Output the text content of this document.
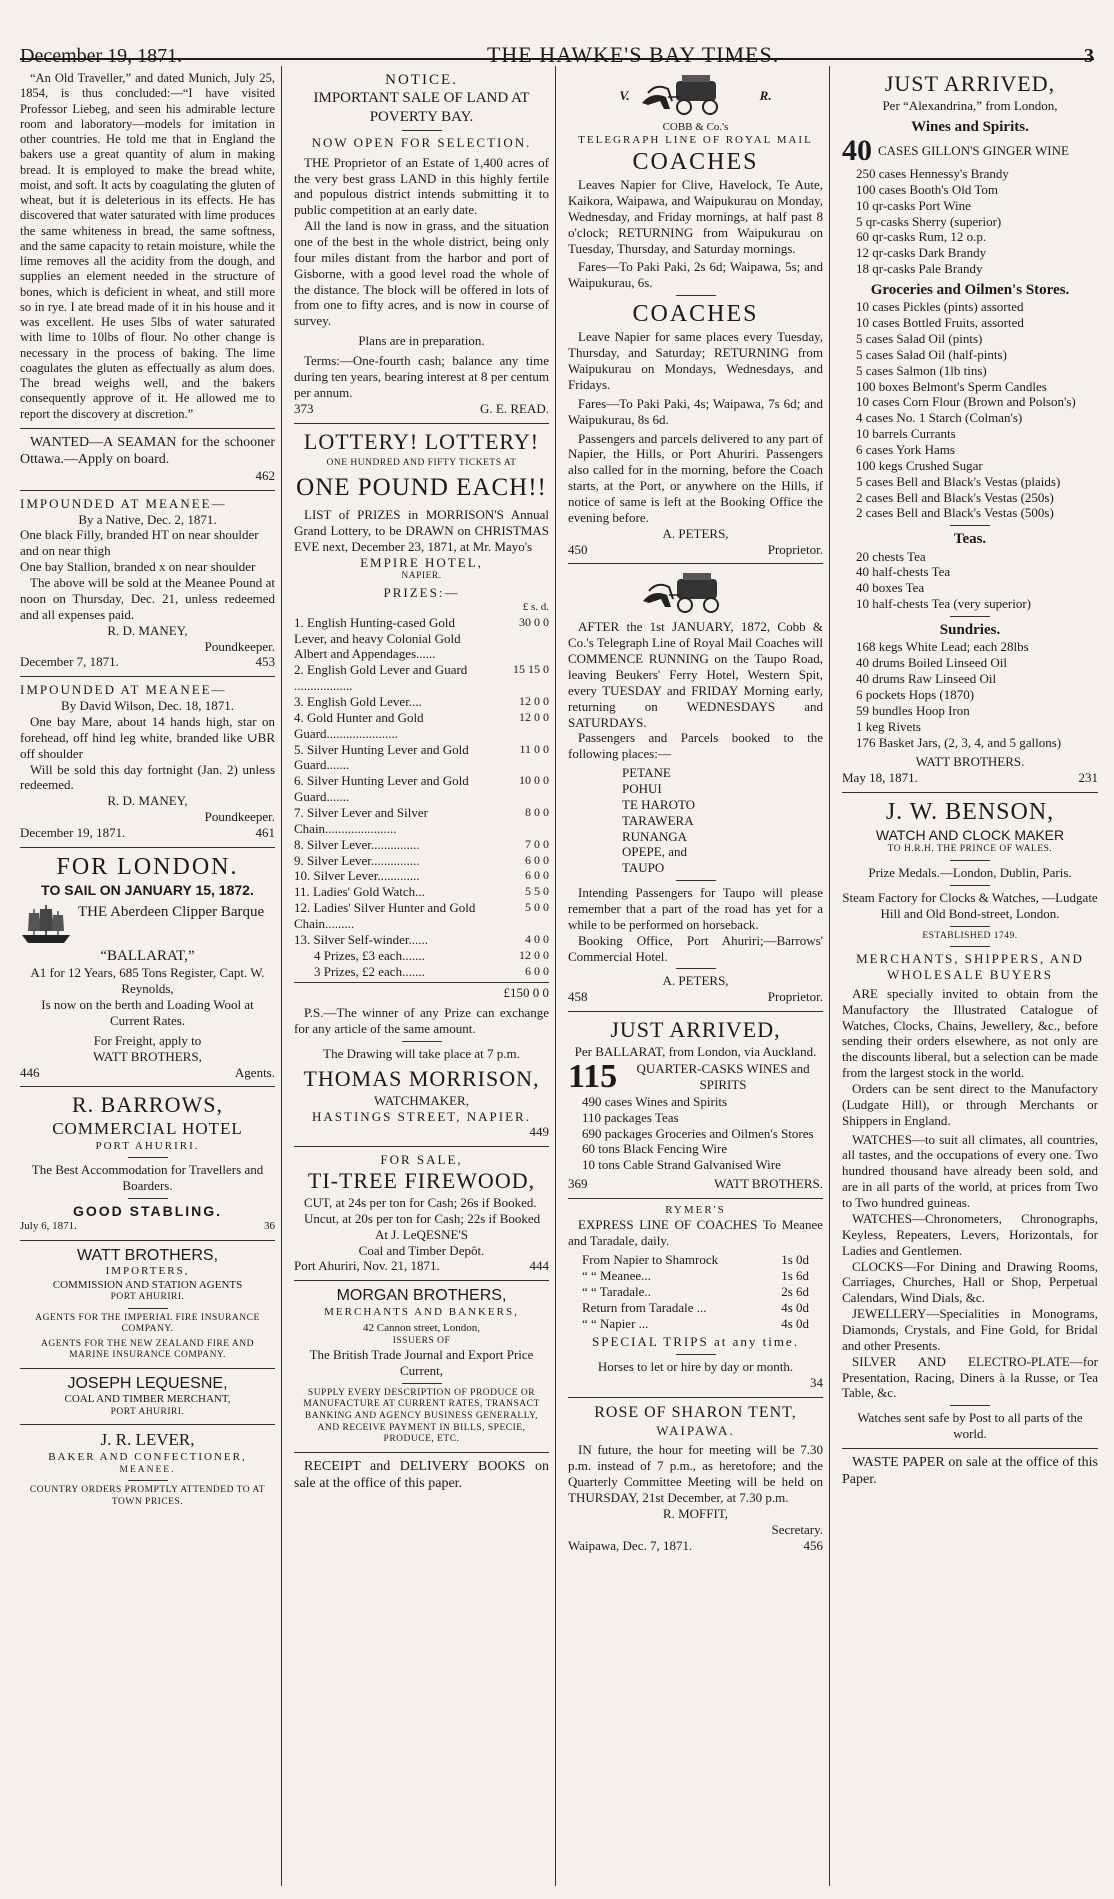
December 19, 1871.	THE HAWKE'S BAY TIMES.	3

“An Old Traveller,” and dated Munich, July 25, 1854, is thus concluded:—“I have visited Professor Liebeg, and seen his admirable lecture room and laboratory—models for imitation in other countries. He told me that in England the bakers use a great quantity of alum in making bread. It is employed to make the bread white, moist, and soft. It acts by coagulating the gluten of wheat, but it is deleterious in its effects. He has discovered that water saturated with lime produces the same whiteness in bread, the same softness, and the same capacity to retain moisture, while the lime removes all the acidity from the dough, and supplies an element needed in the structure of bones, which is deficient in wheat, and still more so in rye. I ate bread made of it in his house and it was excellent. He uses 5lbs of water saturated with lime to 10lbs of flour. No other change is necessary in the process of baking. The lime coagulates the gluten as effectually as alum does. The bread weighs well, and the bakers consequently approve of it. He allowed me to report the discovery at discretion.”

WANTED—A SEAMAN for the schooner Ottawa.—Apply on board.

462

IMPOUNDED AT MEANEE—

By a Native, Dec. 2, 1871.

One black Filly, branded HT on near shoulder and on near thigh

One bay Stallion, branded x on near shoulder

The above will be sold at the Meanee Pound at noon on Thursday, Dec. 21, unless redeemed and all expenses paid.

R. D. MANEY,

Poundkeeper.

December 7, 1871.	453

IMPOUNDED AT MEANEE—

By David Wilson, Dec. 18, 1871.

One bay Mare, about 14 hands high, star on forehead, off hind leg white, branded like ∪BR off shoulder

Will be sold this day fortnight (Jan. 2) unless redeemed.

R. D. MANEY,

Poundkeeper.

December 19, 1871.	461

FOR LONDON.

TO SAIL ON JANUARY 15, 1872.

THE Aberdeen Clipper Barque

“BALLARAT,”

A1 for 12 Years, 685 Tons Register, Capt. W. Reynolds,

Is now on the berth and Loading Wool at Current Rates.

For Freight, apply to

WATT BROTHERS,

446	Agents.

R. BARROWS,

COMMERCIAL HOTEL

PORT AHURIRI.

The Best Accommodation for Travellers and Boarders.

GOOD STABLING.

July 6, 1871.	36

WATT BROTHERS,

IMPORTERS,

COMMISSION AND STATION AGENTS

PORT AHURIRI.

AGENTS FOR THE IMPERIAL FIRE INSURANCE COMPANY.

AGENTS FOR THE NEW ZEALAND FIRE AND MARINE INSURANCE COMPANY.

JOSEPH LEQUESNE,

COAL AND TIMBER MERCHANT,

PORT AHURIRI.

J. R. LEVER,

BAKER AND CONFECTIONER,

MEANEE.

COUNTRY ORDERS PROMPTLY ATTENDED TO AT TOWN PRICES.

NOTICE.

IMPORTANT SALE OF LAND AT POVERTY BAY.

NOW OPEN FOR SELECTION.

THE Proprietor of an Estate of 1,400 acres of the very best grass LAND in this highly fertile and populous district intends submitting it to public competition at an early date.

All the land is now in grass, and the situation one of the best in the whole district, being only four miles distant from the harbor and port of Gisborne, with a good level road the whole of the distance. The block will be offered in lots of from one to fifty acres, and is now in course of survey.

Plans are in preparation.

Terms:—One-fourth cash; balance any time during ten years, bearing interest at 8 per centum per annum.

373	G. E. READ.

LOTTERY! LOTTERY!

ONE HUNDRED AND FIFTY TICKETS AT

ONE POUND EACH!!

LIST of PRIZES in MORRISON'S Annual Grand Lottery, to be DRAWN on CHRISTMAS EVE next, December 23, 1871, at Mr. Mayo's

EMPIRE HOTEL,

NAPIER.

PRIZES:—

£ s. d.

1. English Hunting-cased Gold Lever, and heavy Colonial Gold Albert and Appendages......
30 0 0
2. English Gold Lever and Guard ..................
15 15 0
3. English Gold Lever....	12 0 0
4. Gold Hunter and Gold Guard......................
12 0 0
5. Silver Hunting Lever and Gold Guard.......
11 0 0
6. Silver Hunting Lever and Gold Guard.......
10 0 0
7. Silver Lever and Silver Chain......................
8 0 0
8. Silver Lever...............	7 0 0
9. Silver Lever...............	6 0 0
10. Silver Lever.............	6 0 0
11. Ladies' Gold Watch...	5 5 0
12. Ladies' Silver Hunter and Gold Chain.........
5 0 0
13. Silver Self-winder......	4 0 0
4 Prizes, £3 each.......	12 0 0
3 Prizes, £2 each.......	6 0 0

£150 0 0

P.S.—The winner of any Prize can exchange for any article of the same amount.

The Drawing will take place at 7 p.m.

THOMAS MORRISON,

WATCHMAKER,

HASTINGS STREET, NAPIER.

449

FOR SALE,

TI-TREE FIREWOOD,

CUT, at 24s per ton for Cash; 26s if Booked.

Uncut, at 20s per ton for Cash; 22s if Booked

At J. LeQESNE'S

Coal and Timber Depôt.

Port Ahuriri, Nov. 21, 1871.	444

MORGAN BROTHERS,

MERCHANTS AND BANKERS,

42 Cannon street, London,

ISSUERS OF

The British Trade Journal and Export Price Current,

SUPPLY EVERY DESCRIPTION OF PRODUCE OR MANUFACTURE AT CURRENT RATES, TRANSACT BANKING AND AGENCY BUSINESS GENERALLY,

AND RECEIVE PAYMENT IN BILLS, SPECIE, PRODUCE, ETC.

RECEIPT and DELIVERY BOOKS on sale at the office of this paper.

V.	R.

COBB & Co.'s

TELEGRAPH LINE OF ROYAL MAIL

COACHES

Leaves Napier for Clive, Havelock, Te Aute, Kaikora, Waipawa, and Waipukurau on Monday, Wednesday, and Friday mornings, at half past 8 o'clock; RETURNING from Waipukurau on Tuesday, Thursday, and Saturday mornings.

Fares—To Paki Paki, 2s 6d; Waipawa, 5s; and Waipukurau, 6s.

COACHES

Leave Napier for same places every Tuesday, Thursday, and Saturday; RETURNING from Waipukurau on Mondays, Wednesdays, and Fridays.

Fares—To Paki Paki, 4s; Waipawa, 7s 6d; and Waipukurau, 8s 6d.

Passengers and parcels delivered to any part of Napier, the Hills, or Port Ahuriri. Passengers also called for in the morning, before the Coach starts, at the Port, or anywhere on the Hills, if notice of same is left at the Booking Office the evening before.

A. PETERS,

450	Proprietor.

AFTER the 1st JANUARY, 1872, Cobb & Co.'s Telegraph Line of Royal Mail Coaches will COMMENCE RUNNING on the Taupo Road, leaving Beukers' Ferry Hotel, Western Spit, every TUESDAY and FRIDAY Morning early, returning on WEDNESDAYS and SATURDAYS.

Passengers and Parcels booked to the following places:—

PETANE

POHUI

TE HAROTO

TARAWERA

RUNANGA

OPEPE, and

TAUPO

Intending Passengers for Taupo will please remember that a part of the road has yet for a while to be performed on horseback.

Booking Office, Port Ahuriri;—Barrows' Commercial Hotel.

A. PETERS,

458	Proprietor.

JUST ARRIVED,

Per BALLARAT, from London, via Auckland.

115	QUARTER-CASKS WINES and SPIRITS

490 cases Wines and Spirits

110 packages Teas

690 packages Groceries and Oilmen's Stores

60 tons Black Fencing Wire

10 tons Cable Strand Galvanised Wire

369	WATT BROTHERS.

RYMER'S

EXPRESS LINE OF COACHES To Meanee and Taradale, daily.

From Napier to Shamrock	1s 0d
“ “ Meanee...	1s 6d
“ “ Taradale..	2s 6d
Return from Taradale ...	4s 0d
“ “ Napier ...	4s 0d

SPECIAL TRIPS at any time.

Horses to let or hire by day or month.

34

ROSE OF SHARON TENT,

WAIPAWA.

IN future, the hour for meeting will be 7.30 p.m. instead of 7 p.m., as heretofore; and the Quarterly Committee Meeting will be held on THURSDAY, 21st December, at 7.30 p.m.

R. MOFFIT,

Secretary.

Waipawa, Dec. 7, 1871.	456

JUST ARRIVED,

Per “Alexandrina,” from London,

Wines and Spirits.

40 CASES GILLON'S GINGER WINE

250 cases Hennessy's Brandy

100 cases Booth's Old Tom

10 qr-casks Port Wine

5 qr-casks Sherry (superior)

60 qr-casks Rum, 12 o.p.

12 qr-casks Dark Brandy

18 qr-casks Pale Brandy

Groceries and Oilmen's Stores.

10 cases Pickles (pints) assorted

10 cases Bottled Fruits, assorted

5 cases Salad Oil (pints)

5 cases Salad Oil (half-pints)

5 cases Salmon (1lb tins)

100 boxes Belmont's Sperm Candles

10 cases Corn Flour (Brown and Polson's)

4 cases No. 1 Starch (Colman's)

10 barrels Currants

6 cases York Hams

100 kegs Crushed Sugar

5 cases Bell and Black's Vestas (plaids)

2 cases Bell and Black's Vestas (250s)

2 cases Bell and Black's Vestas (500s)

Teas.

20 chests Tea

40 half-chests Tea

40 boxes Tea

10 half-chests Tea (very superior)

Sundries.

168 kegs White Lead; each 28lbs

40 drums Boiled Linseed Oil

40 drums Raw Linseed Oil

6 pockets Hops (1870)

59 bundles Hoop Iron

1 keg Rivets

176 Basket Jars, (2, 3, 4, and 5 gallons)

WATT BROTHERS.

May 18, 1871.	231

J. W. BENSON,

WATCH AND CLOCK MAKER

TO H.R.H. THE PRINCE OF WALES.

Prize Medals.—London, Dublin, Paris.

Steam Factory for Clocks & Watches, —Ludgate Hill and Old Bond-street, London.

ESTABLISHED 1749.

MERCHANTS, SHIPPERS, AND WHOLESALE BUYERS

ARE specially invited to obtain from the Manufactory the Illustrated Catalogue of Watches, Clocks, Chains, Jewellery, &c., before sending their orders elsewhere, as not only are the discounts liberal, but a selection can be made from the largest stock in the world.

Orders can be sent direct to the Manufactory (Ludgate Hill), or through Merchants or Shippers in England.

WATCHES—to suit all climates, all countries, all tastes, and the occupations of every one. Two hundred thousand have already been sold, and are in all parts of the world, at prices from Two to Two hundred guineas.

WATCHES—Chronometers, Chronographs, Keyless, Repeaters, Levers, Horizontals, for Ladies and Gentlemen.

CLOCKS—For Dining and Drawing Rooms, Carriages, Churches, Hall or Shop, Perpetual Calendars, Wind Dials, &c.

JEWELLERY—Specialities in Monograms, Diamonds, Crystals, and Fine Gold, for Bridal and other Presents.

SILVER AND ELECTRO-PLATE—for Presentation, Racing, Diners à la Russe, or Tea Table, &c.

Watches sent safe by Post to all parts of the world.

WASTE PAPER on sale at the office of this Paper.
